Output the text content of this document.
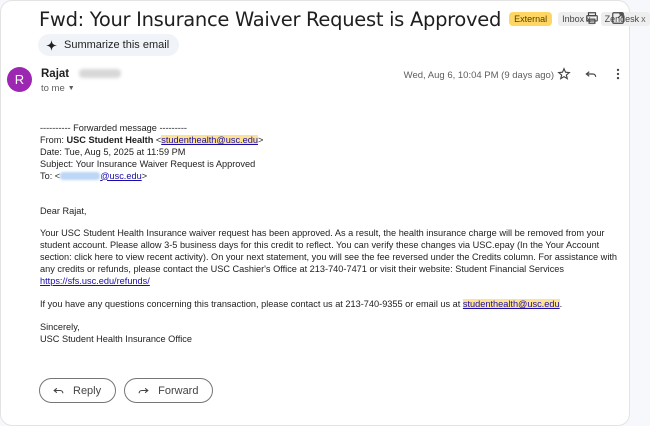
Fwd: Your Insurance Waiver Request is Approved	External	Inbox x	Zendesk x
Summarize this email
R	Rajat
to me ▼
Wed, Aug 6, 10:04 PM (9 days ago)

---------- Forwarded message ---------

From: USC Student Health <studenthealth@usc.edu>

Date: Tue, Aug 5, 2025 at 11:59 PM

Subject: Your Insurance Waiver Request is Approved

To: <	@usc.edu>

Dear Rajat,

Your USC Student Health Insurance waiver request has been approved. As a result, the health insurance charge will be removed from your student account. Please allow 3-5 business days for this credit to reflect. You can verify these changes via USC.epay (In the Your Account section: click here to view recent activity). On your next statement, you will see the fee reversed under the Credits column. For assistance with any credits or refunds, please contact the USC Cashier's Office at 213-740-7471 or visit their website: Student Financial Services https://sfs.usc.edu/refunds/

If you have any questions concerning this transaction, please contact us at 213-740-9355 or email us at studenthealth@usc.edu.

Sincerely,

USC Student Health Insurance Office

Reply	Forward
